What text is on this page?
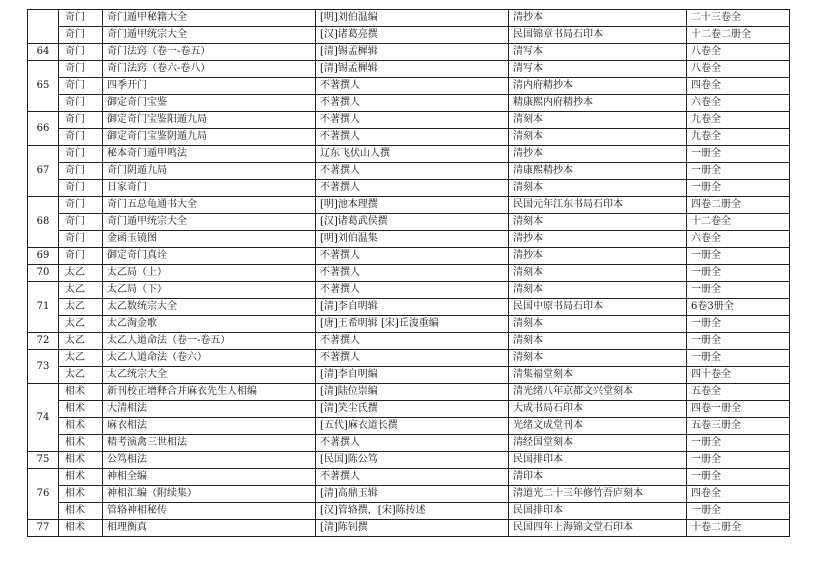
	奇门	奇门遁甲秘籍大全	[明]刘伯温编	清抄本	二十三卷全
	奇门	奇门遁甲统宗大全	[汉]诸葛亮撰	民国锦章书局石印本	十二卷二册全
64	奇门	奇门法窍（卷一-卷五）	[清]锡孟樨辑	清写本	八卷全
65	奇门	奇门法窍（卷六-卷八）	[清]锡孟樨辑	清写本	八卷全
	奇门	四季开门	不著撰人	清内府精抄本	四卷全
	奇门	御定奇门宝鉴	不著撰人	精康熙内府精抄本	六卷全
66	奇门	御定奇门宝鉴阳遁九局	不著撰人	清刻本	九卷全
	奇门	御定奇门宝鉴阴遁九局	不著撰人	清刻本	九卷全
67	奇门	秘本奇门遁甲鸣法	辽东飞伏山人撰	清抄本	一册全
	奇门	奇门阴遁九局	不著撰人	清康熙精抄本	一册全
	奇门	日家奇门	不著撰人	清刻本	一册全
68	奇门	奇门五总龟通书大全	[明]池本理撰	民国元年江东书局石印本	四卷二册全
	奇门	奇门遁甲统宗大全	[汉]诸葛武侯撰	清刻本	十二卷全
	奇门	金函玉镜图	[明]刘伯温集	清抄本	六卷全
69	奇门	御定奇门真诠	不著撰人	清抄本	一册全
70	太乙	太乙局（上）	不著撰人	清刻本	一册全
71	太乙	太乙局（下）	不著撰人	清刻本	一册全
	太乙	太乙数统宗大全	[清]李自明辑	民国中原书局石印本	6卷3册全
	太乙	太乙淘金歌	[唐]王希明辑 [宋]丘浚重编	清刻本	一册全
72	太乙	太乙人道命法（卷一-卷五）	不著撰人	清刻本	一册全
73	太乙	太乙人道命法（卷六）	不著撰人	清刻本	一册全
	太乙	太乙统宗大全	[清]李自明编	清集福堂刻本	四十卷全
74	相术	新刊校正增释合并麻衣先生人相编	[清]陆位崇编	清光绪八年京都文兴堂刻本	五卷全
	相术	大清相法	[清]笑尘氏撰	大成书局石印本	四卷一册全
	相术	麻衣相法	[五代]麻衣道长撰	光绪文成堂刊本	五卷三册全
	相术	精考演禽三世相法	不著撰人	清经国堂刻本	一册全
75	相术	公笃相法	[民国]陈公笃	民国排印本	一册全
76	相术	神相全编	不著撰人	清印本	一册全
	相术	神相汇编（附续集）	[清]高鼎玉辑	清道光二十三年修竹吾庐刻本	四卷全
	相术	管辂神相秘传	[汉]管辂撰，[宋]陈抟述	民国排印本	一册全
77	相术	相理衡真	[清]陈钊撰	民国四年上海锦文堂石印本	十卷二册全
